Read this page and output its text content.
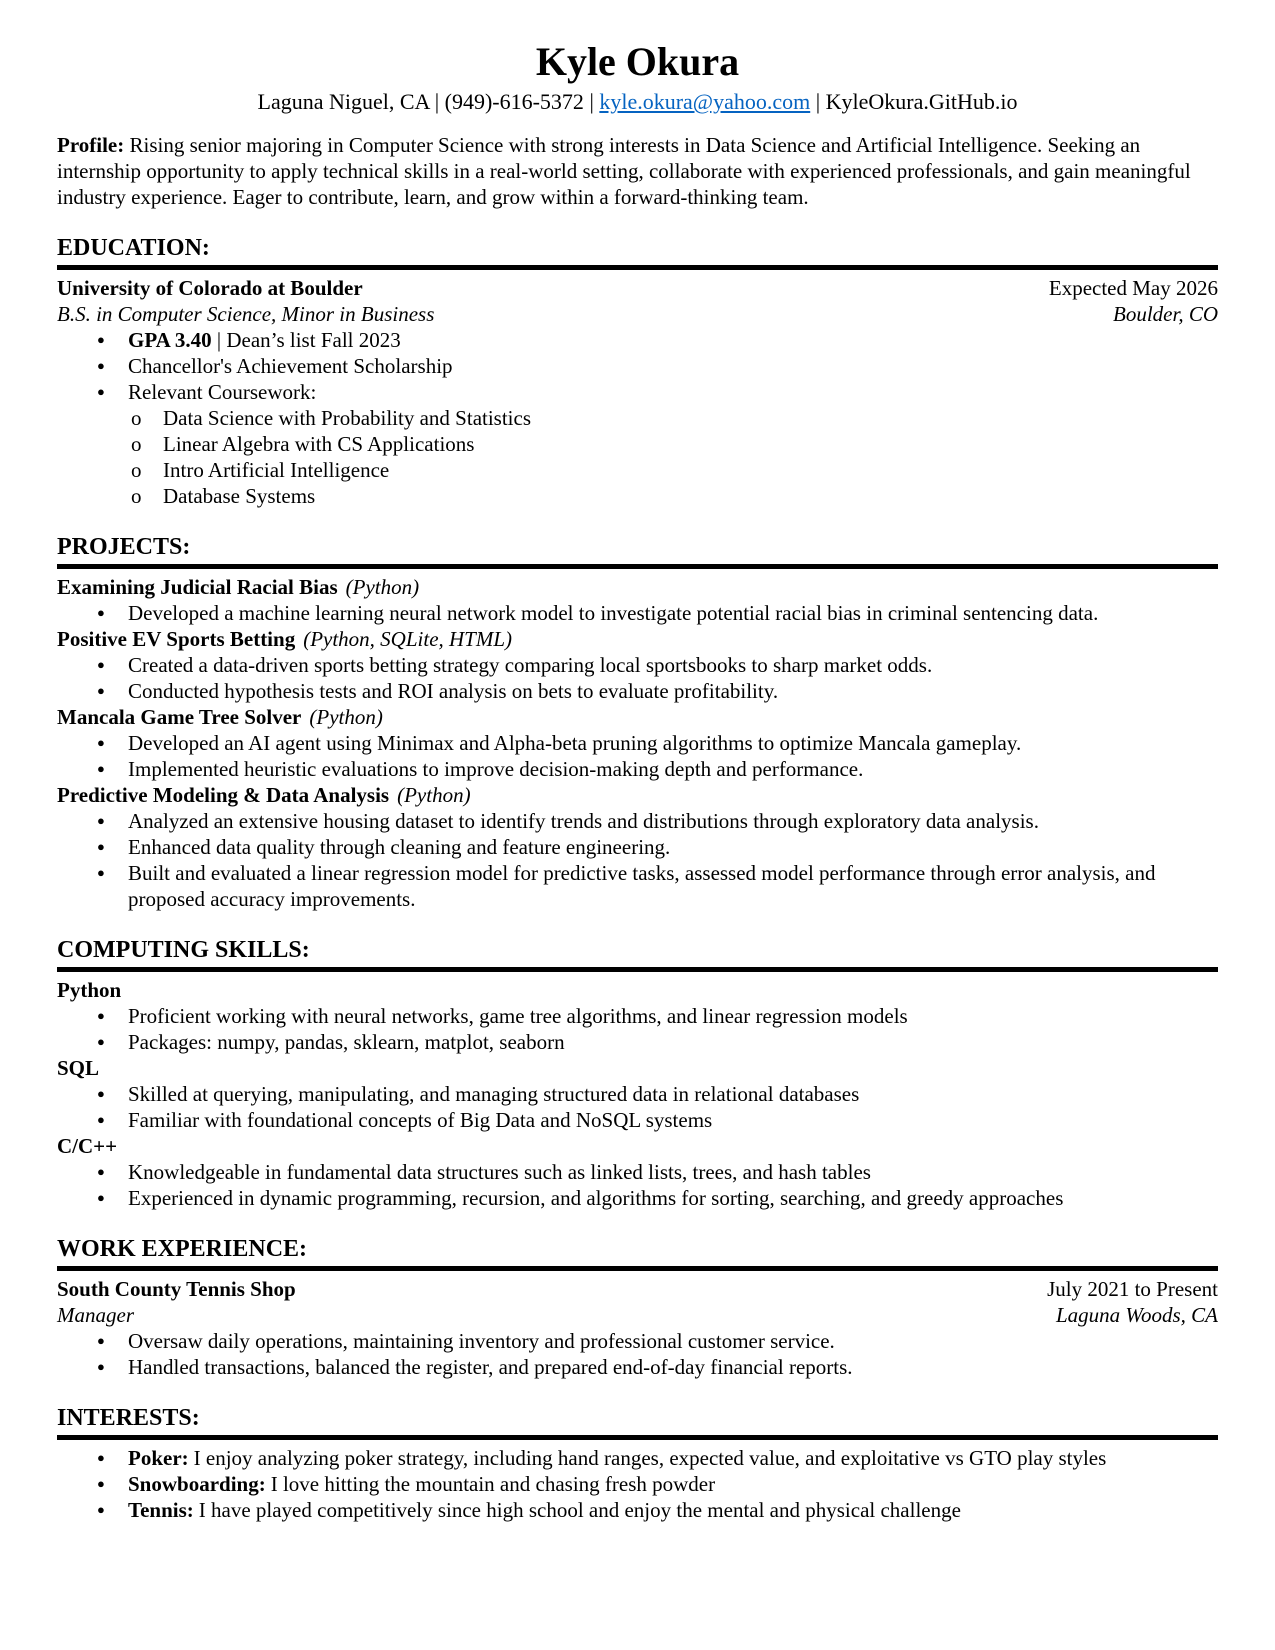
Kyle Okura
Laguna Niguel, CA | (949)-616-5372 | kyle.okura@yahoo.com | KyleOkura.GitHub.io
Profile: Rising senior majoring in Computer Science with strong interests in Data Science and Artificial Intelligence. Seeking an internship opportunity to apply technical skills in a real-world setting, collaborate with experienced professionals, and gain meaningful industry experience. Eager to contribute, learn, and grow within a forward-thinking team.
EDUCATION:
University of Colorado at Boulder	Expected May 2026
B.S. in Computer Science, Minor in Business	Boulder, CO
● GPA 3.40 | Dean’s list Fall 2023
● Chancellor's Achievement Scholarship
● Relevant Coursework:
o Data Science with Probability and Statistics
o Linear Algebra with CS Applications
o Intro Artificial Intelligence
o Database Systems
PROJECTS:
Examining Judicial Racial Bias (Python)
● Developed a machine learning neural network model to investigate potential racial bias in criminal sentencing data.
Positive EV Sports Betting (Python, SQLite, HTML)
● Created a data-driven sports betting strategy comparing local sportsbooks to sharp market odds.
● Conducted hypothesis tests and ROI analysis on bets to evaluate profitability.
Mancala Game Tree Solver (Python)
● Developed an AI agent using Minimax and Alpha-beta pruning algorithms to optimize Mancala gameplay.
● Implemented heuristic evaluations to improve decision-making depth and performance.
Predictive Modeling & Data Analysis (Python)
● Analyzed an extensive housing dataset to identify trends and distributions through exploratory data analysis.
● Enhanced data quality through cleaning and feature engineering.
● Built and evaluated a linear regression model for predictive tasks, assessed model performance through error analysis, and proposed accuracy improvements.
COMPUTING SKILLS:
Python
● Proficient working with neural networks, game tree algorithms, and linear regression models
● Packages: numpy, pandas, sklearn, matplot, seaborn
SQL
● Skilled at querying, manipulating, and managing structured data in relational databases
● Familiar with foundational concepts of Big Data and NoSQL systems
C/C++
● Knowledgeable in fundamental data structures such as linked lists, trees, and hash tables
● Experienced in dynamic programming, recursion, and algorithms for sorting, searching, and greedy approaches
WORK EXPERIENCE:
South County Tennis Shop	July 2021 to Present
Manager	Laguna Woods, CA
● Oversaw daily operations, maintaining inventory and professional customer service.
● Handled transactions, balanced the register, and prepared end-of-day financial reports.
INTERESTS:
● Poker: I enjoy analyzing poker strategy, including hand ranges, expected value, and exploitative vs GTO play styles
● Snowboarding: I love hitting the mountain and chasing fresh powder
● Tennis: I have played competitively since high school and enjoy the mental and physical challenge
